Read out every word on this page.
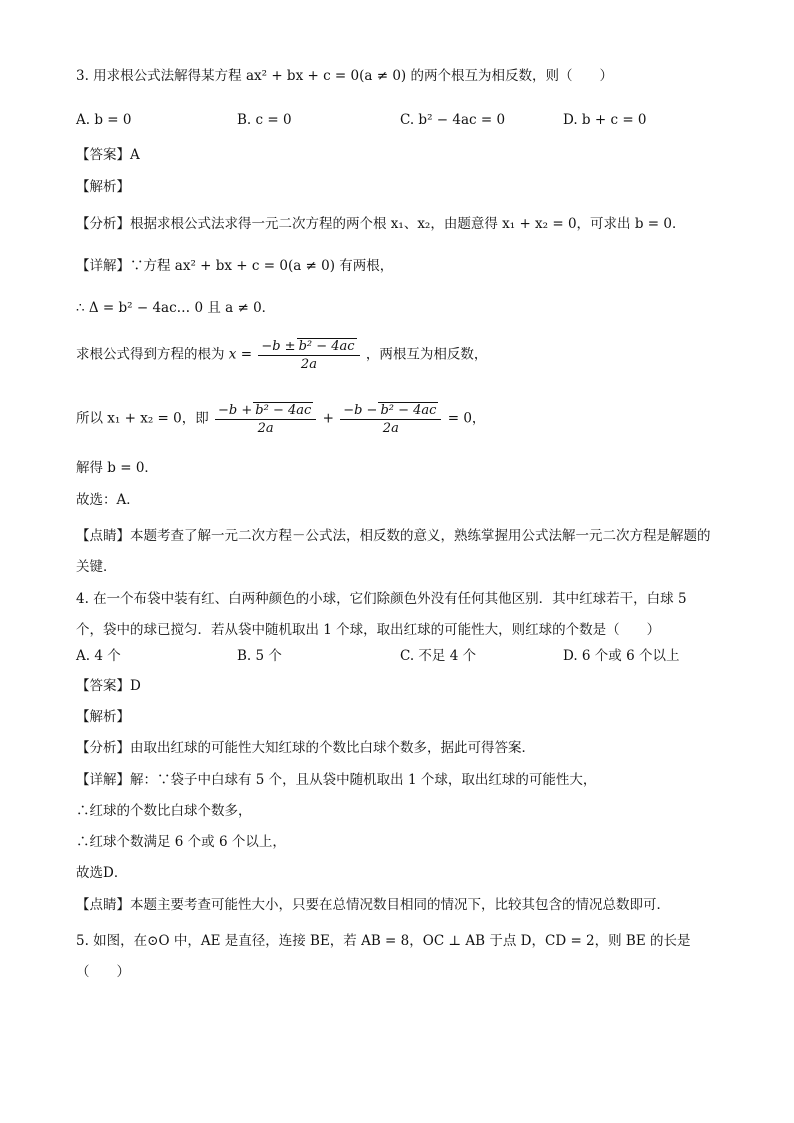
3. 用求根公式法解得某方程 ax² + bx + c = 0(a ≠ 0) 的两个根互为相反数，则（　　）
A. b = 0	B. c = 0	C. b² − 4ac = 0	D. b + c = 0
【答案】A
【解析】
【分析】根据求根公式法求得一元二次方程的两个根 x₁、x₂，由题意得 x₁ + x₂ = 0，可求出 b = 0．
【详解】∵方程 ax² + bx + c = 0(a ≠ 0) 有两根，
∴ Δ = b² − 4ac… 0 且 a ≠ 0．
求根公式得到方程的根为 $x = \frac{\text{−b ± b² − 4ac}}{2a}$ ，两根互为相反数，
所以 x₁ + x₂ = 0，即 $\frac{\text{−b + b² − 4ac}}{2a} + \frac{\text{−b − b² − 4ac}}{2a} = 0$，
解得 b = 0．
故选：A．
【点睛】本题考查了解一元二次方程－公式法，相反数的意义，熟练掌握用公式法解一元二次方程是解题的关键．
4. 在一个布袋中装有红、白两种颜色的小球，它们除颜色外没有任何其他区别．其中红球若干，白球 5 个，袋中的球已搅匀．若从袋中随机取出 1 个球，取出红球的可能性大，则红球的个数是（　　）
A. 4 个	B. 5 个	C. 不足 4 个	D. 6 个或 6 个以上
【答案】D
【解析】
【分析】由取出红球的可能性大知红球的个数比白球个数多，据此可得答案．
【详解】解：∵袋子中白球有 5 个，且从袋中随机取出 1 个球，取出红球的可能性大，
∴红球的个数比白球个数多，
∴红球个数满足 6 个或 6 个以上，
故选D．
【点睛】本题主要考查可能性大小，只要在总情况数目相同的情况下，比较其包含的情况总数即可．
5. 如图，在⊙O 中，AE 是直径，连接 BE，若 AB = 8，OC ⊥ AB 于点 D，CD = 2，则 BE 的长是（　　）
